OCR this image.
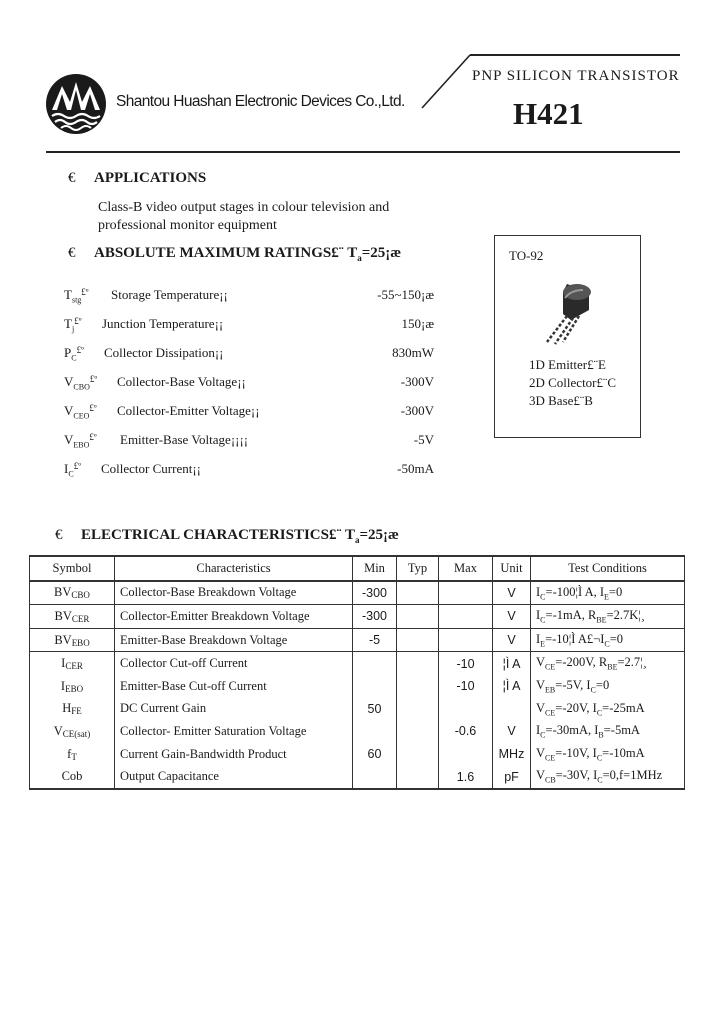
Shantou Huashan Electronic Devices Co.,Ltd.
PNP SILICON TRANSISTOR
H421
€ APPLICATIONS
Class-B video output stages in colour television and
professional monitor equipment
€ ABSOLUTE MAXIMUM RATINGS£¨ $T_a=25¡æ$
$T_{stg}^{£º}$ Storage Temperature¡¡	-55~150¡æ
$T_j^{£º}$ Junction Temperature¡¡	150¡æ
$P_C^{£º}$ Collector Dissipation¡¡	830mW
$V_{CBO}^{£º}$ Collector-Base Voltage¡¡	-300V
$V_{CEO}^{£º}$ Collector-Emitter Voltage¡¡	-300V
$V_{EBO}^{£º}$ Emitter-Base Voltage¡¡¡¡	-5V
$I_C^{£º}$ Collector Current¡¡	-50mA
TO-92
1D Emitter£¨E
2D Collector£¨C
3D Base£¨B
€ ELECTRICAL CHARACTERISTICS£¨ $T_a=25¡æ$
Symbol	Characteristics	Min	Typ	Max	Unit	Test Conditions
$BV_{CBO}$	Collector-Base Breakdown Voltage	-300			V	$I_C=-100¦Ì$ A, $I_E=0$
$BV_{CER}$	Collector-Emitter Breakdown Voltage	-300			V	$I_C=-1mA$, $R_{BE}=2.7K¦¸$
$BV_{EBO}$	Emitter-Base Breakdown Voltage	-5			V	$I_E=-10¦Ì$ $A£\neg I_C=0$
$I_{CER}$	Collector Cut-off Current			-10	¦Ì A	$V_{CE}=-200V$, $R_{BE}=2.7¦¸$
$I_{EBO}$	Emitter-Base Cut-off Current			-10	¦Ì A	$V_{EB}=-5V$, $I_C=0$
$H_{FE}$	DC Current Gain	50				$V_{CE}=-20V$, $I_C=-25mA$
$V_{CE(sat)}$	Collector- Emitter Saturation Voltage			-0.6	V	$I_C=-30mA$, $I_B=-5mA$
$f_T$	Current Gain-Bandwidth Product	60			MHz	$V_{CE}=-10V$, $I_C=-10mA$
Cob	Output Capacitance			1.6	pF	$V_{CB}=-30V$, $I_C=0,f=1MHz$
